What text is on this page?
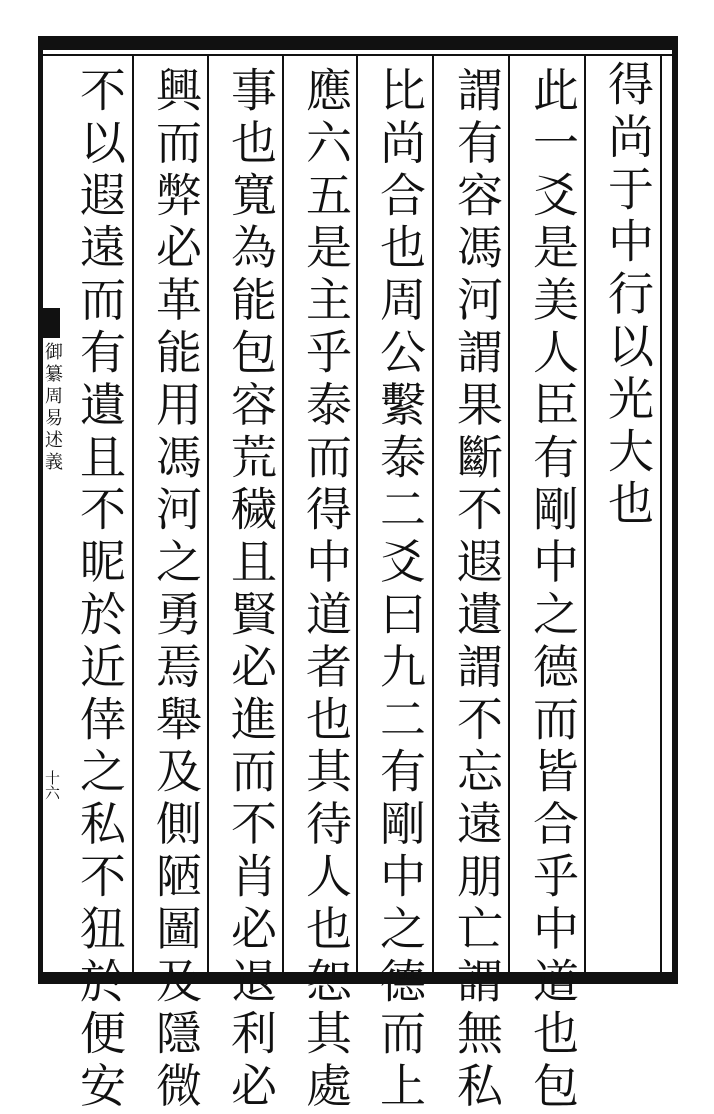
御纂周易述義
十六
得尚于中行以光大也
此一爻是美人臣有剛中之德而皆合乎中道也包
謂有容馮河謂果斷不遐遺謂不忘遠朋亡謂無私
比尚合也周公繫泰二爻曰九二有剛中之德而上
應六五是主乎泰而得中道者也其待人也恕其處
事也寬為能包容荒穢且賢必進而不肖必退利必
興而弊必革能用馮河之勇焉舉及側陋圖及隱微
不以遐遠而有遺且不昵於近倖之私不狃於便安
